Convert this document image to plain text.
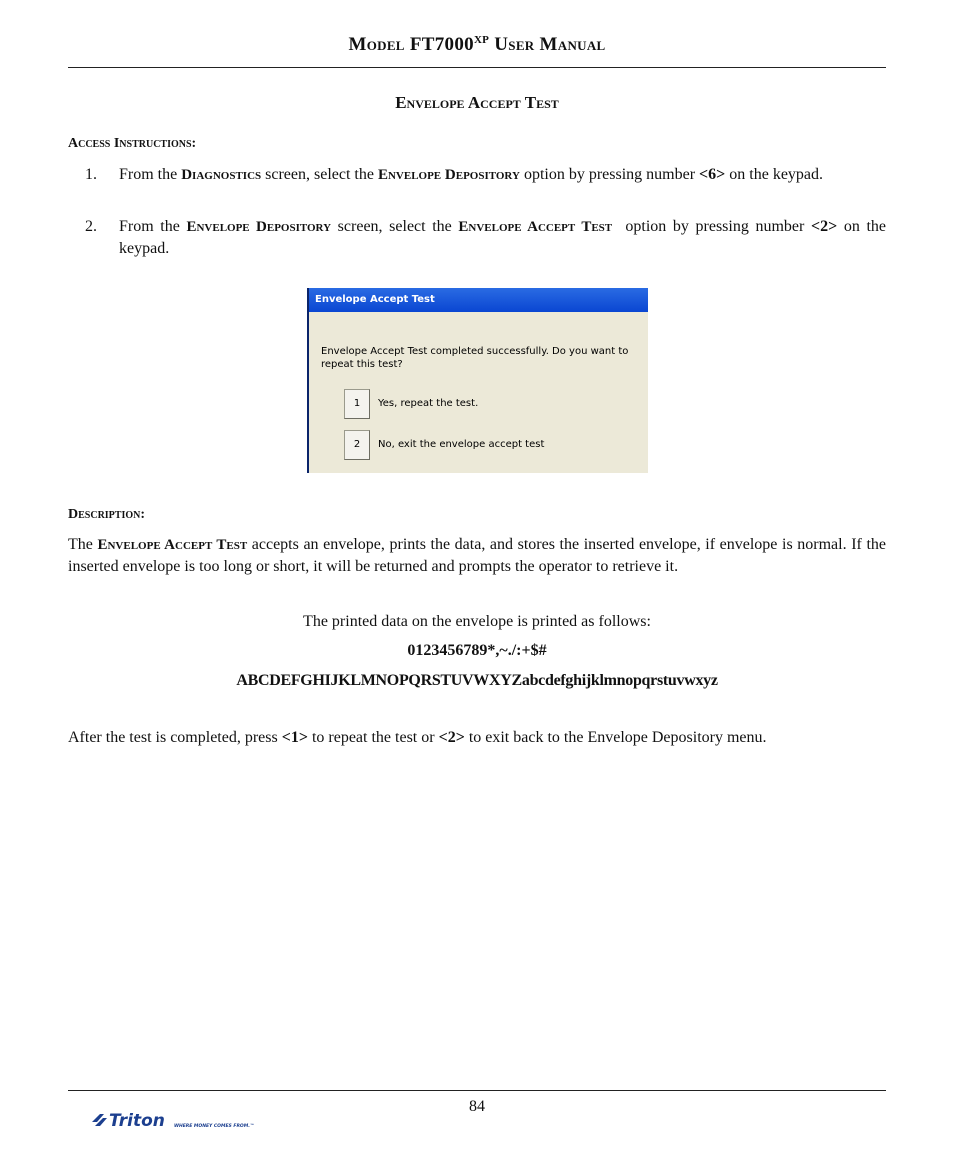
Model $FT7000^{XP}$ User Manual
Envelope Accept Test
Access Instructions:
1. From the Diagnostics screen, select the Envelope Depository option by pressing number <6> on the keypad.
2. From the Envelope Depository screen, select the Envelope Accept Test  option by pressing number <2> on the keypad.
Envelope Accept Test
Envelope Accept Test completed successfully. Do you want to repeat this test?
1	Yes, repeat the test.
2	No, exit the envelope accept test
Description:
The Envelope Accept Test accepts an envelope, prints the data, and stores the inserted envelope, if envelope is normal. If the inserted envelope is too long or short, it will be returned and prompts the operator to retrieve it.
The printed data on the envelope is printed as follows:
0123456789*,~./:+$#
ABCDEFGHIJKLMNOPQRSTUVWXYZabcdefghijklmnopqrstuvwxyz
After the test is completed, press <1> to repeat the test or <2> to exit back to the Envelope Depository menu.
84
Triton WHERE MONEY COMES FROM.™
